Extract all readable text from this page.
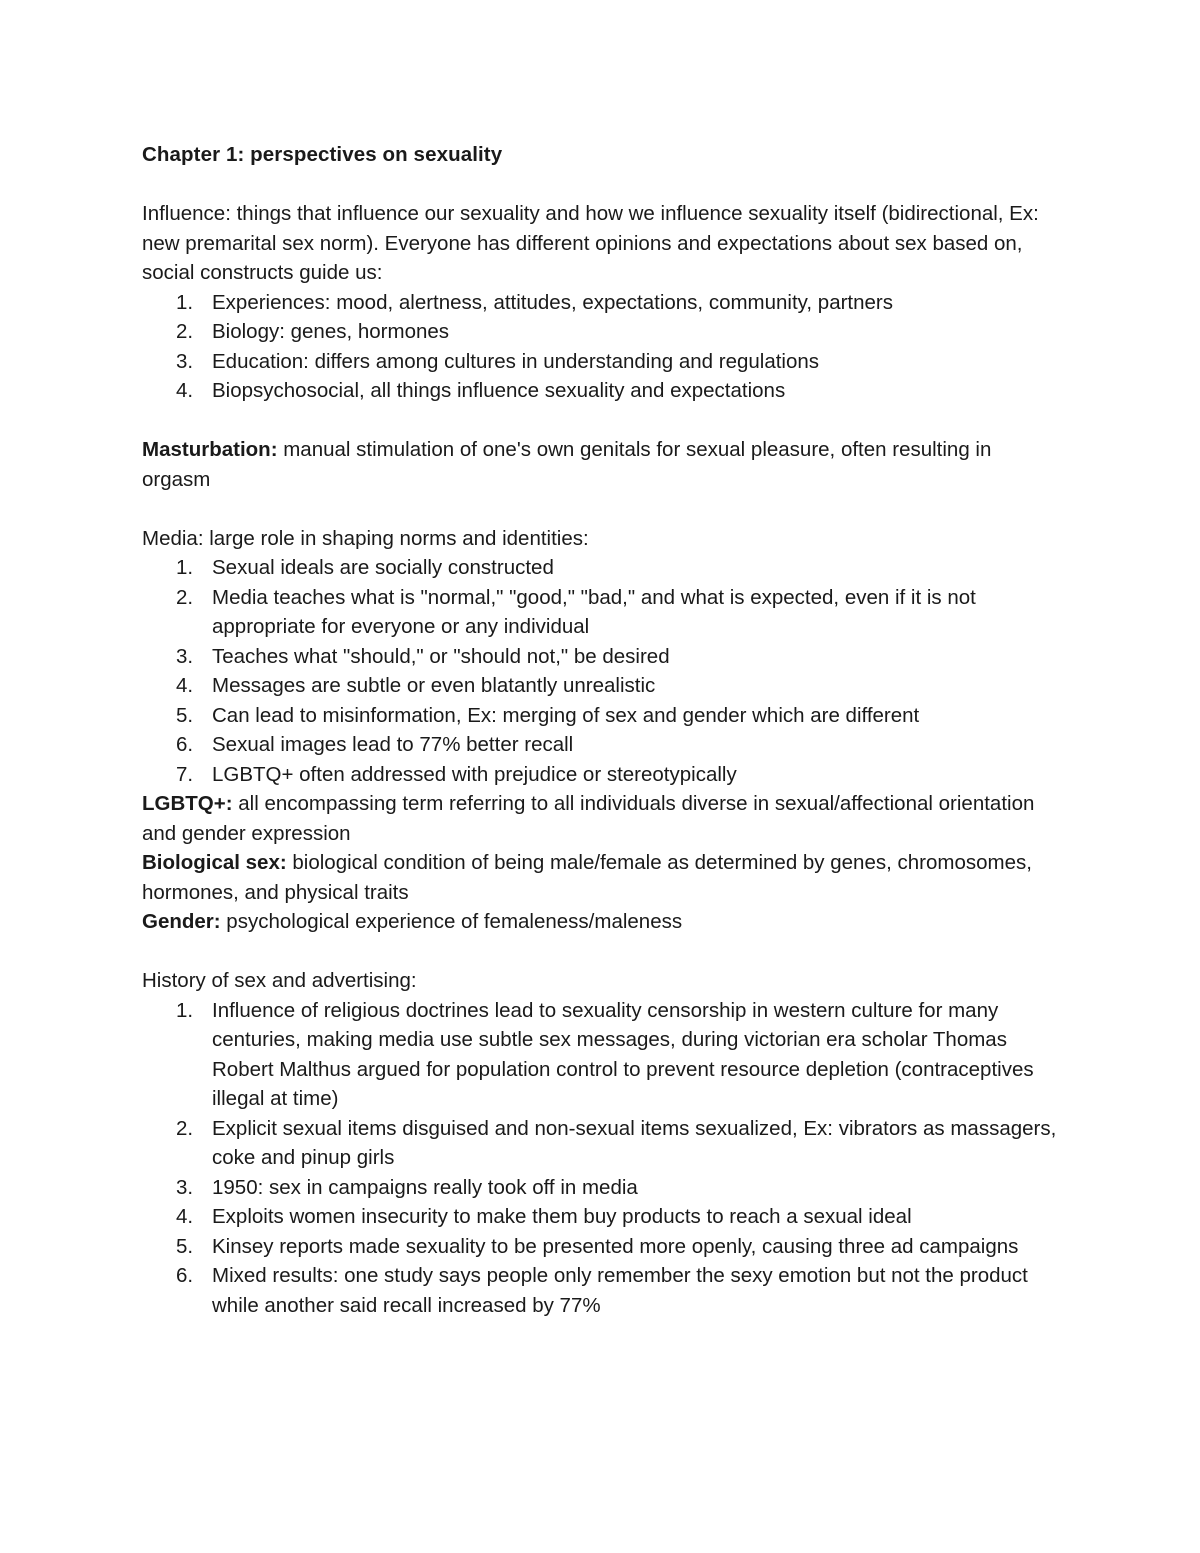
Chapter 1: perspectives on sexuality

Influence: things that influence our sexuality and how we influence sexuality itself (bidirectional, Ex: new premarital sex norm). Everyone has different opinions and expectations about sex based on, social constructs guide us:

1. Experiences: mood, alertness, attitudes, expectations, community, partners
2. Biology: genes, hormones
3. Education: differs among cultures in understanding and regulations
4. Biopsychosocial, all things influence sexuality and expectations

Masturbation: manual stimulation of one's own genitals for sexual pleasure, often resulting in orgasm

Media: large role in shaping norms and identities:

1. Sexual ideals are socially constructed
2. Media teaches what is "normal," "good," "bad," and what is expected, even if it is not appropriate for everyone or any individual
3. Teaches what "should," or "should not," be desired
4. Messages are subtle or even blatantly unrealistic
5. Can lead to misinformation, Ex: merging of sex and gender which are different
6. Sexual images lead to 77% better recall
7. LGBTQ+ often addressed with prejudice or stereotypically

LGBTQ+: all encompassing term referring to all individuals diverse in sexual/affectional orientation and gender expression

Biological sex: biological condition of being male/female as determined by genes, chromosomes, hormones, and physical traits

Gender: psychological experience of femaleness/maleness

History of sex and advertising:

1. Influence of religious doctrines lead to sexuality censorship in western culture for many centuries, making media use subtle sex messages, during victorian era scholar Thomas Robert Malthus argued for population control to prevent resource depletion (contraceptives illegal at time)
2. Explicit sexual items disguised and non-sexual items sexualized, Ex: vibrators as massagers, coke and pinup girls
3. 1950: sex in campaigns really took off in media
4. Exploits women insecurity to make them buy products to reach a sexual ideal
5. Kinsey reports made sexuality to be presented more openly, causing three ad campaigns
6. Mixed results: one study says people only remember the sexy emotion but not the product while another said recall increased by 77%
